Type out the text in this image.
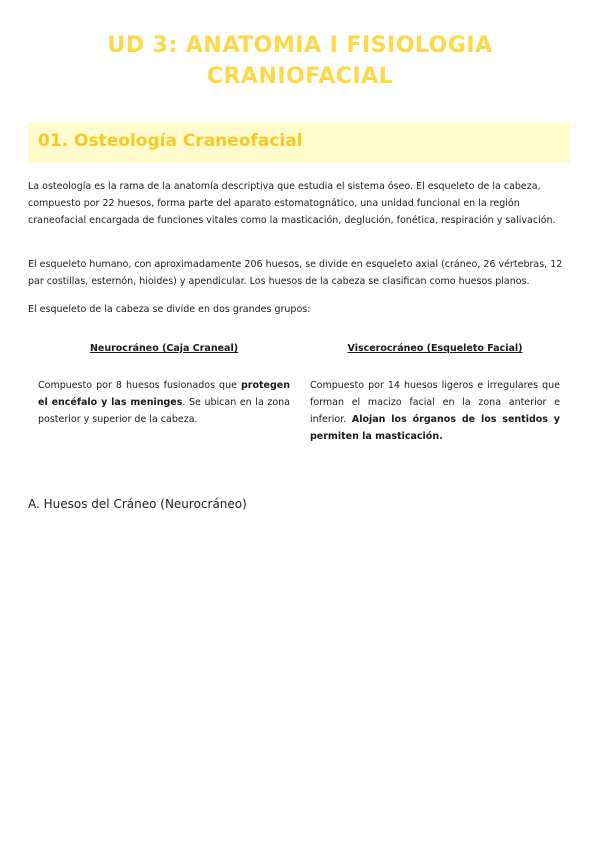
UD 3: ANATOMIA I FISIOLOGIA
CRANIOFACIAL
01. Osteología Craneofacial
La osteología es la rama de la anatomía descriptiva que estudia el sistema óseo. El esqueleto de la cabeza, compuesto por 22 huesos, forma parte del aparato estomatognático, una unidad funcional en la región craneofacial encargada de funciones vitales como la masticación, deglución, fonética, respiración y salivación.
El esqueleto humano, con aproximadamente 206 huesos, se divide en esqueleto axial (cráneo, 26 vértebras, 12 par costillas, esternón, hioides) y apendicular. Los huesos de la cabeza se clasifican como huesos planos.
El esqueleto de la cabeza se divide en dos grandes grupos:
Neurocráneo (Caja Craneal)	Viscerocráneo (Esqueleto Facial)
Compuesto por 8 huesos fusionados que protegen el encéfalo y las meninges. Se ubican en la zona posterior y superior de la cabeza.
Compuesto por 14 huesos ligeros e irregulares que forman el macizo facial en la zona anterior e inferior. Alojan los órganos de los sentidos y permiten la masticación.
A. Huesos del Cráneo (Neurocráneo)
